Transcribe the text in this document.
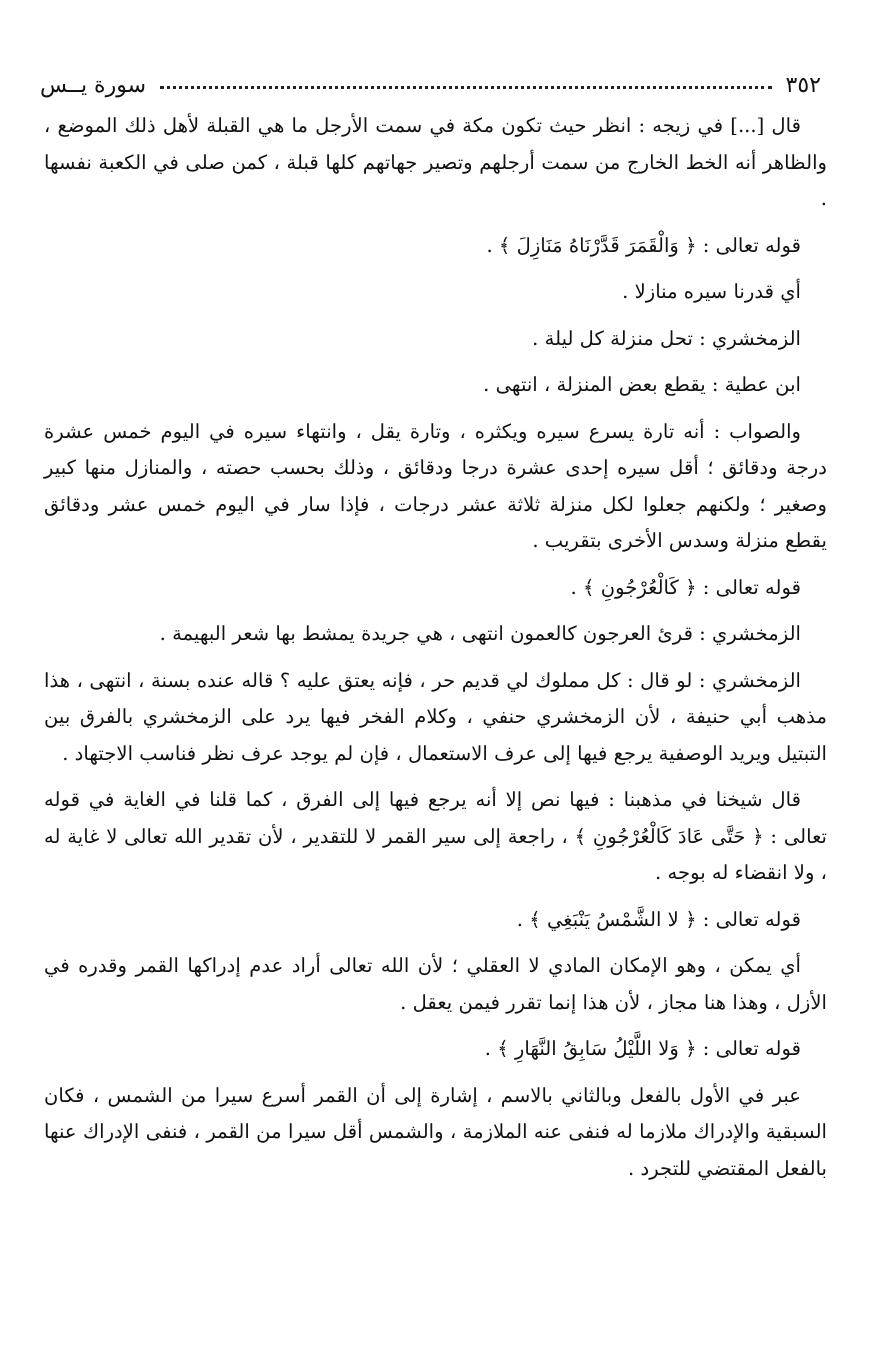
٣٥٢
سورة يــس

قال [...] في زيجه : انظر حيث تكون مكة في سمت الأرجل ما هي القبلة لأهل ذلك الموضع ، والظاهر أنه الخط الخارج من سمت أرجلهم وتصير جهاتهم كلها قبلة ، كمن صلى في الكعبة نفسها .

قوله تعالى : ﴿ وَالْقَمَرَ قَدَّرْنَاهُ مَنَازِلَ ﴾ .

أي قدرنا سيره منازلا .

الزمخشري : تحل منزلة كل ليلة .

ابن عطية : يقطع بعض المنزلة ، انتهى .

والصواب : أنه تارة يسرع سيره ويكثره ، وتارة يقل ، وانتهاء سيره في اليوم خمس عشرة درجة ودقائق ؛ أقل سيره إحدى عشرة درجا ودقائق ، وذلك بحسب حصته ، والمنازل منها كبير وصغير ؛ ولكنهم جعلوا لكل منزلة ثلاثة عشر درجات ، فإذا سار في اليوم خمس عشر ودقائق يقطع منزلة وسدس الأخرى بتقريب .

قوله تعالى : ﴿ كَالْعُرْجُونِ ﴾ .

الزمخشري : قرئ العرجون كالعمون انتهى ، هي جريدة يمشط بها شعر البهيمة .

الزمخشري : لو قال : كل مملوك لي قديم حر ، فإنه يعتق عليه ؟ قاله عنده بسنة ، انتهى ، هذا مذهب أبي حنيفة ، لأن الزمخشري حنفي ، وكلام الفخر فيها يرد على الزمخشري بالفرق بين التبتيل ويريد الوصفية يرجع فيها إلى عرف الاستعمال ، فإن لم يوجد عرف نظر فناسب الاجتهاد .

قال شيخنا في مذهبنا : فيها نص إلا أنه يرجع فيها إلى الفرق ، كما قلنا في الغاية في قوله تعالى : ﴿ حَتَّى عَادَ كَالْعُرْجُونِ ﴾ ، راجعة إلى سير القمر لا للتقدير ، لأن تقدير الله تعالى لا غاية له ، ولا انقضاء له بوجه .

قوله تعالى : ﴿ لا الشَّمْسُ يَنْبَغِي ﴾ .

أي يمكن ، وهو الإمكان المادي لا العقلي ؛ لأن الله تعالى أراد عدم إدراكها القمر وقدره في الأزل ، وهذا هنا مجاز ، لأن هذا إنما تقرر فيمن يعقل .

قوله تعالى : ﴿ وَلا اللَّيْلُ سَابِقُ النَّهَارِ ﴾ .

عبر في الأول بالفعل وبالثاني بالاسم ، إشارة إلى أن القمر أسرع سيرا من الشمس ، فكان السبقية والإدراك ملازما له فنفى عنه الملازمة ، والشمس أقل سيرا من القمر ، فنفى الإدراك عنها بالفعل المقتضي للتجرد .
